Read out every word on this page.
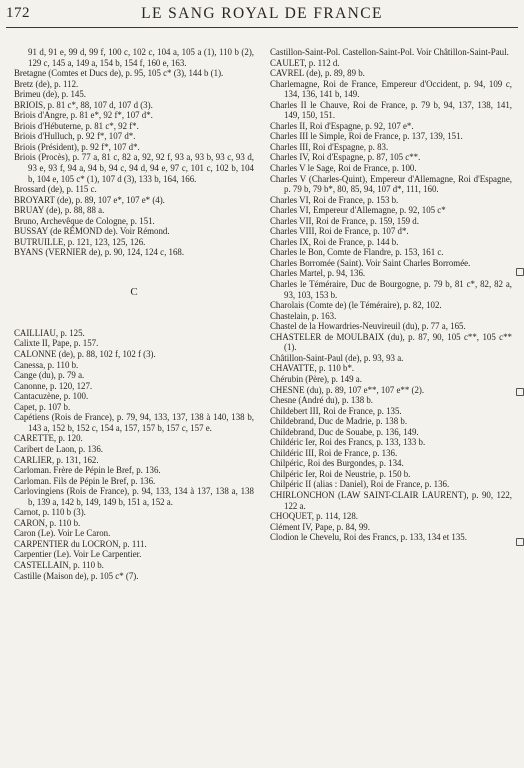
172	LE SANG ROYAL DE FRANCE
91 d, 91 e, 99 d, 99 f, 100 c, 102 c, 104 a, 105 a (1), 110 b (2), 129 c, 145 a, 149 a, 154 b, 154 f, 160 e, 163.
Bretagne (Comtes et Ducs de), p. 95, 105 c* (3), 144 b (1).
Bretz (de), p. 112.
Brimeu (de), p. 145.
BRIOIS, p. 81 c*, 88, 107 d, 107 d (3).
Briois d'Angre, p. 81 e*, 92 f*, 107 d*.
Briois d'Hébuterne, p. 81 c*, 92 f*.
Briois d'Hulluch, p. 92 f*, 107 d*.
Briois (Président), p. 92 f*, 107 d*.
Briois (Procès), p. 77 a, 81 c, 82 a, 92, 92 f, 93 a, 93 b, 93 c, 93 d, 93 e, 93 f, 94 a, 94 b, 94 c, 94 d, 94 e, 97 c, 101 c, 102 b, 104 b, 104 e, 105 c* (1), 107 d (3), 133 b, 164, 166.
Brossard (de), p. 115 c.
BROYART (de), p. 89, 107 e*, 107 e* (4).
BRUAY (de), p. 88, 88 a.
Bruno, Archevêque de Cologne, p. 151.
BUSSAY (de RÉMOND de). Voir Rémond.
BUTRUILLE, p. 121, 123, 125, 126.
BYANS (VERNIER de), p. 90, 124, 124 c, 168.
C
CAILLIAU, p. 125.
Calixte II, Pape, p. 157.
CALONNE (de), p. 88, 102 f, 102 f (3).
Canessa, p. 110 b.
Cange (du), p. 79 a.
Canonne, p. 120, 127.
Cantacuzène, p. 100.
Capet, p. 107 b.
Capétiens (Rois de France), p. 79, 94, 133, 137, 138 à 140, 138 b, 143 a, 152 b, 152 c, 154 a, 157, 157 b, 157 c, 157 e.
CARETTE, p. 120.
Caribert de Laon, p. 136.
CARLIER, p. 131, 162.
Carloman. Frère de Pépin le Bref, p. 136.
Carloman. Fils de Pépin le Bref, p. 136.
Carlovingiens (Rois de France), p. 94, 133, 134 à 137, 138 a, 138 b, 139 a, 142 b, 149, 149 b, 151 a, 152 a.
Carnot, p. 110 b (3).
CARON, p. 110 b.
Caron (Le). Voir Le Caron.
CARPENTIER du LOCRON, p. 111.
Carpentier (Le). Voir Le Carpentier.
CASTELLAIN, p. 110 b.
Castille (Maison de), p. 105 c* (7).
Castillon-Saint-Pol. Castellon-Saint-Pol. Voir Châtillon-Saint-Paul.
CAULET, p. 112 d.
CAVREL (de), p. 89, 89 b.
Charlemagne, Roi de France, Empereur d'Occident, p. 94, 109 c, 134, 136, 141 b, 149.
Charles II le Chauve, Roi de France, p. 79 b, 94, 137, 138, 141, 149, 150, 151.
Charles II, Roi d'Espagne, p. 92, 107 e*.
Charles III le Simple, Roi de France, p. 137, 139, 151.
Charles III, Roi d'Espagne, p. 83.
Charles IV, Roi d'Espagne, p. 87, 105 c**.
Charles V le Sage, Roi de France, p. 100.
Charles V (Charles-Quint), Empereur d'Allemagne, Roi d'Espagne, p. 79 b, 79 b*, 80, 85, 94, 107 d*, 111, 160.
Charles VI, Roi de France, p. 153 b.
Charles VI, Empereur d'Allemagne, p. 92, 105 c*
Charles VII, Roi de France, p. 159, 159 d.
Charles VIII, Roi de France, p. 107 d*.
Charles IX, Roi de France, p. 144 b.
Charles le Bon, Comte de Flandre, p. 153, 161 c.
Charles Borromée (Saint). Voir Saint Charles Borromée.
Charles Martel, p. 94, 136.
Charles le Téméraire, Duc de Bourgogne, p. 79 b, 81 c*, 82, 82 a, 93, 103, 153 b.
Charolais (Comte de) (le Téméraire), p. 82, 102.
Chastelain, p. 163.
Chastel de la Howardries-Neuvireuil (du), p. 77 a, 165.
CHASTELER de MOULBAIX (du), p. 87, 90, 105 c**, 105 c** (1).
Châtillon-Saint-Paul (de), p. 93, 93 a.
CHAVATTE, p. 110 b*.
Chérubin (Père), p. 149 a.
CHESNE (du), p. 89, 107 e**, 107 e** (2).
Chesne (André du), p. 138 b.
Childebert III, Roi de France, p. 135.
Childebrand, Duc de Madrie, p. 138 b.
Childebrand, Duc de Souabe, p. 136, 149.
Childéric Ier, Roi des Francs, p. 133, 133 b.
Childéric III, Roi de France, p. 136.
Chilpéric, Roi des Burgondes, p. 134.
Chilpéric Ier, Roi de Neustrie, p. 150 b.
Chilpéric II (alias : Daniel), Roi de France, p. 136.
CHIRLONCHON (LAW SAINT-CLAIR LAURENT), p. 90, 122, 122 a.
CHOQUET, p. 114, 128.
Clément IV, Pape, p. 84, 99.
Clodion le Chevelu, Roi des Francs, p. 133, 134 et 135.
